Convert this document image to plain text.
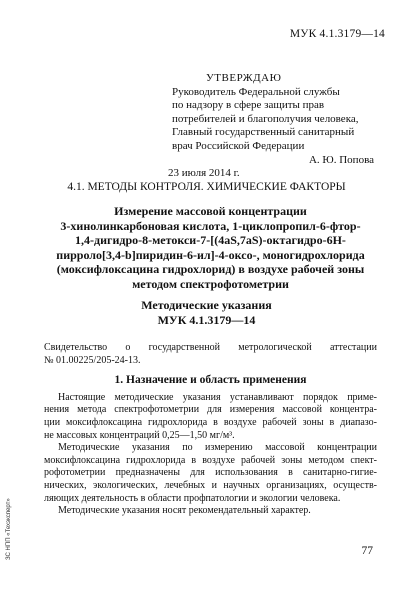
МУК 4.1.3179—14
УТВЕРЖДАЮ
Руководитель Федеральной службы
по надзору в сфере защиты прав
потребителей и благополучия человека,
Главный государственный санитарный
врач Российской Федерации
А. Ю. Попова
23 июля 2014 г.
4.1. МЕТОДЫ КОНТРОЛЯ. ХИМИЧЕСКИЕ ФАКТОРЫ
Измерение массовой концентрации
3-хинолинкарбоновая кислота, 1-циклопропил-6-фтор-
1,4-дигидро-8-метокси-7-[(4aS,7aS)-октагидро-6Н-
пирроло[3,4-b]пиридин-6-ил]-4-оксо-, моногидрохлорида
(моксифлоксацина гидрохлорид) в воздухе рабочей зоны
методом спектрофотометрии
Методические указания
МУК 4.1.3179—14

Свидетельство о государственной метрологической аттестации
№ 01.00225/205-24-13.

1. Назначение и область применения

Настоящие методические указания устанавливают порядок приме-
нения метода спектрофотометрии для измерения массовой концентра-
ции моксифлоксацина гидрохлорида в воздухе рабочей зоны в диапазо-
не массовых концентраций 0,25—1,50 мг/м³.

Методические указания по измерению массовой концентрации
моксифлоксацина гидрохлорида в воздухе рабочей зоны методом спект-
рофотометрии предназначены для использования в санитарно-гигие-
нических, экологических, лечебных и научных организациях, осуществ-
ляющих деятельность в области профпатологии и экологии человека.

Методические указания носят рекомендательный характер.

77
ЗС НПП «Техэксперт»
